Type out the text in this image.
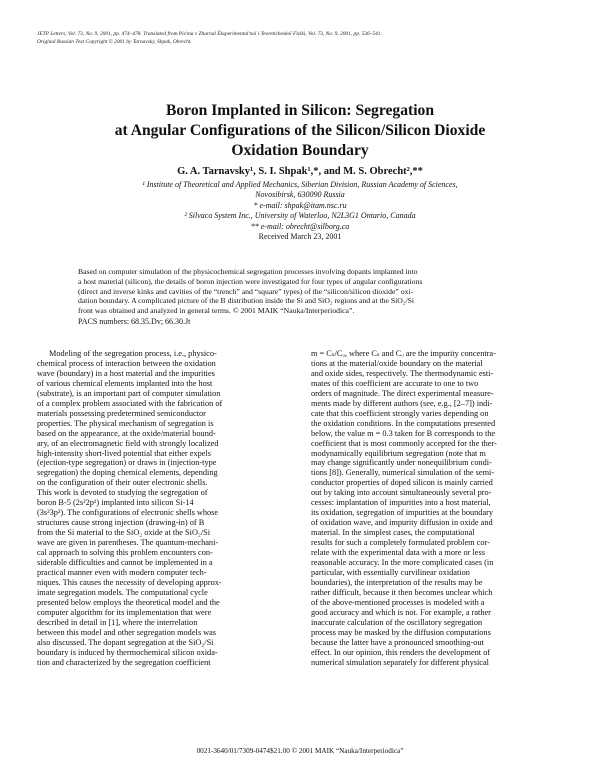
JETP Letters, Vol. 73, No. 9, 2001, pp. 474–478. Translated from Pis'ma v Zhurnal Éksperimental'noĭ i Teoreticheskoĭ Fiziki, Vol. 73, No. 9, 2001, pp. 536–541.
Original Russian Text Copyright © 2001 by Tarnavsky, Shpak, Obrecht.
Boron Implanted in Silicon: Segregation
at Angular Configurations of the Silicon/Silicon Dioxide
Oxidation Boundary
G. A. Tarnavsky¹, S. I. Shpak¹,*, and M. S. Obrecht²,**
¹ Institute of Theoretical and Applied Mechanics, Siberian Division, Russian Academy of Sciences,
Novosibirsk, 630090 Russia
* e-mail: shpak@itam.nsc.ru
² Silvaco System Inc., University of Waterloo, N2L3G1 Ontario, Canada
** e-mail: obrecht@silborg.ca
Received March 23, 2001
Based on computer simulation of the physicochemical segregation processes involving dopants implanted into
a host material (silicon), the details of boron injection were investigated for four types of angular configurations
(direct and inverse kinks and cavities of the “trench” and “square” types) of the “silicon/silicon dioxide” oxi-
dation boundary. A complicated picture of the B distribution inside the Si and SiO₂ regions and at the SiO₂/Si
front was obtained and analyzed in general terms. © 2001 MAIK “Nauka/Interperiodica”.
PACS numbers: 68.35.Dv; 66.30.Jt
Modeling of the segregation process, i.e., physico-
chemical process of interaction between the oxidation
wave (boundary) in a host material and the impurities
of various chemical elements implanted into the host
(substrate), is an important part of computer simulation
of a complex problem associated with the fabrication of
materials possessing predetermined semiconductor
properties. The physical mechanism of segregation is
based on the appearance, at the oxide/material bound-
ary, of an electromagnetic field with strongly localized
high-intensity short-lived potential that either expels
(ejection-type segregation) or draws in (injection-type
segregation) the doping chemical elements, depending
on the configuration of their outer electronic shells.
This work is devoted to studying the segregation of
boron B-5 (2s²2p¹) implanted into silicon Si-14
(3s²3p²). The configurations of electronic shells whose
structures cause strong injection (drawing-in) of B
from the Si material to the SiO₂ oxide at the SiO₂/Si
wave are given in parentheses. The quantum-mechani-
cal approach to solving this problem encounters con-
siderable difficulties and cannot be implemented in a
practical manner even with modern computer tech-
niques. This causes the necessity of developing approx-
imate segregation models. The computational cycle
presented below employs the theoretical model and the
computer algorithm for its implementation that were
described in detail in [1], where the interrelation
between this model and other segregation models was
also discussed. The dopant segregation at the SiO₂/Si
boundary is induced by thermochemical silicon oxida-
tion and characterized by the segregation coefficient
m = Cₛ/Cₒ, where Cₛ and Cₒ are the impurity concentra-
tions at the material/oxide boundary on the material
and oxide sides, respectively. The thermodynamic esti-
mates of this coefficient are accurate to one to two
orders of magnitude. The direct experimental measure-
ments made by different authors (see, e.g., [2–7]) indi-
cate that this coefficient strongly varies depending on
the oxidation conditions. In the computations presented
below, the value m = 0.3 taken for B corresponds to the
coefficient that is most commonly accepted for the ther-
modynamically equilibrium segregation (note that m
may change significantly under nonequilibrium condi-
tions [8]). Generally, numerical simulation of the semi-
conductor properties of doped silicon is mainly carried
out by taking into account simultaneously several pro-
cesses: implantation of impurities into a host material,
its oxidation, segregation of impurities at the boundary
of oxidation wave, and impurity diffusion in oxide and
material. In the simplest cases, the computational
results for such a completely formulated problem cor-
relate with the experimental data with a more or less
reasonable accuracy. In the more complicated cases (in
particular, with essentially curvilinear oxidation
boundaries), the interpretation of the results may be
rather difficult, because it then becomes unclear which
of the above-mentioned processes is modeled with a
good accuracy and which is not. For example, a rather
inaccurate calculation of the oscillatory segregation
process may be masked by the diffusion computations
because the latter have a pronounced smoothing-out
effect. In our opinion, this renders the development of
numerical simulation separately for different physical
0021-3640/01/7309-0474$21.00 © 2001 MAIK “Nauka/Interperiodica”
